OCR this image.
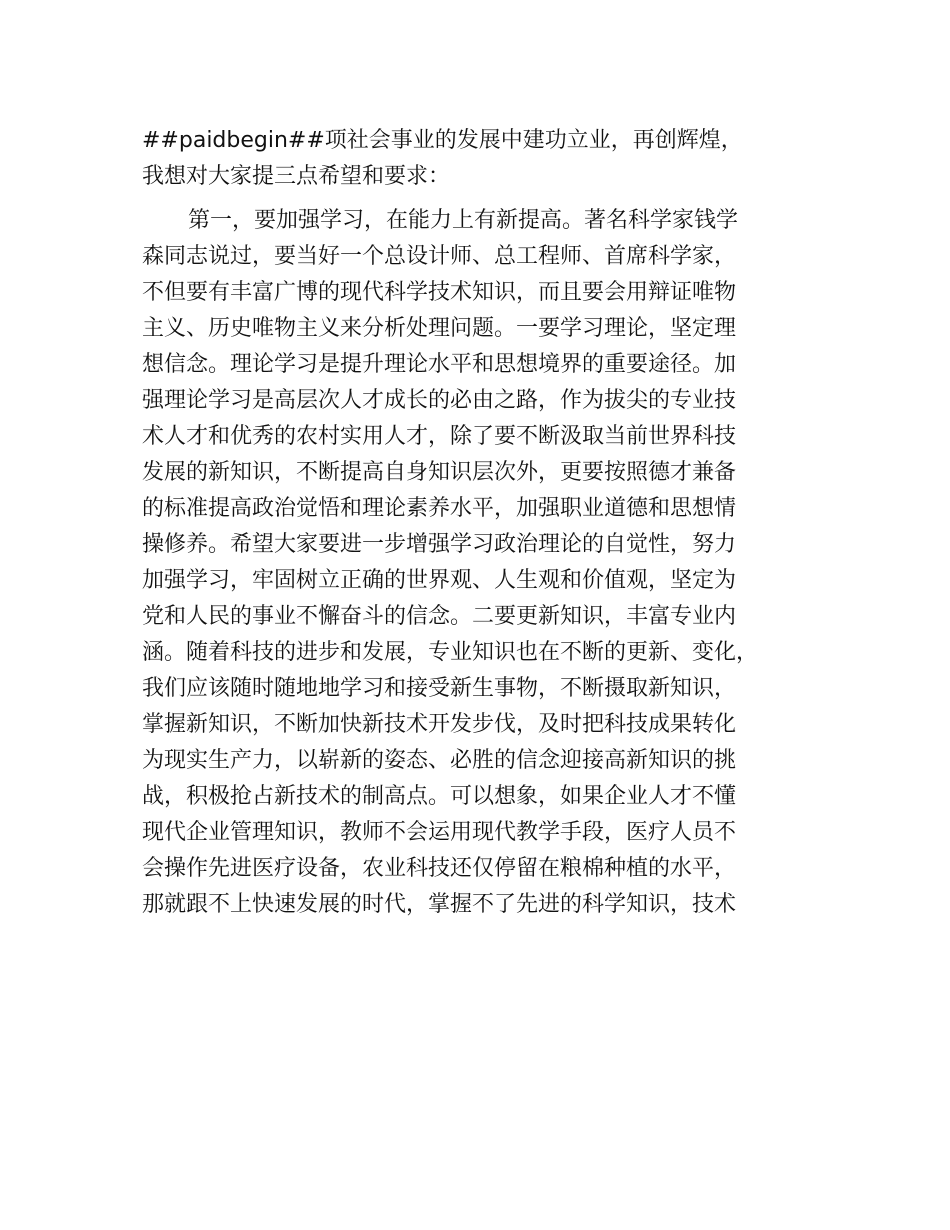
##paidbegin##项社会事业的发展中建功立业，再创辉煌，

我想对大家提三点希望和要求：

第一，要加强学习，在能力上有新提高。著名科学家钱学

森同志说过，要当好一个总设计师、总工程师、首席科学家，

不但要有丰富广博的现代科学技术知识，而且要会用辩证唯物

主义、历史唯物主义来分析处理问题。一要学习理论，坚定理

想信念。理论学习是提升理论水平和思想境界的重要途径。加

强理论学习是高层次人才成长的必由之路，作为拔尖的专业技

术人才和优秀的农村实用人才，除了要不断汲取当前世界科技

发展的新知识，不断提高自身知识层次外，更要按照德才兼备

的标准提高政治觉悟和理论素养水平，加强职业道德和思想情

操修养。希望大家要进一步增强学习政治理论的自觉性，努力

加强学习，牢固树立正确的世界观、人生观和价值观，坚定为

党和人民的事业不懈奋斗的信念。二要更新知识，丰富专业内

涵。随着科技的进步和发展，专业知识也在不断的更新、变化，

我们应该随时随地地学习和接受新生事物，不断摄取新知识，

掌握新知识，不断加快新技术开发步伐，及时把科技成果转化

为现实生产力，以崭新的姿态、必胜的信念迎接高新知识的挑

战，积极抢占新技术的制高点。可以想象，如果企业人才不懂

现代企业管理知识，教师不会运用现代教学手段，医疗人员不

会操作先进医疗设备，农业科技还仅停留在粮棉种植的水平，

那就跟不上快速发展的时代，掌握不了先进的科学知识，技术
